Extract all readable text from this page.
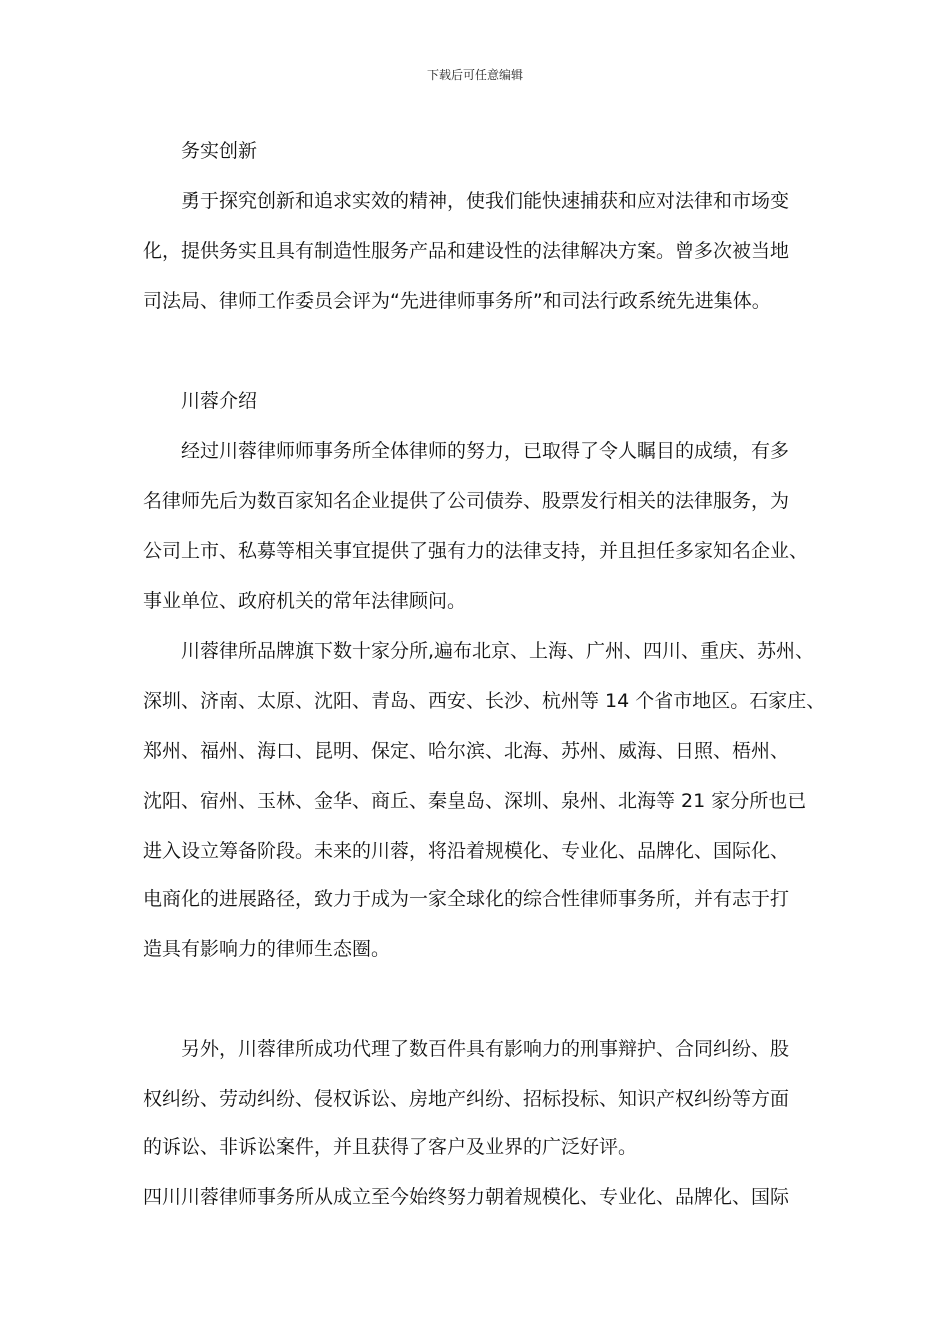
下载后可任意编辑
务实创新
勇于探究创新和追求实效的精神，使我们能快速捕获和应对法律和市场变
化，提供务实且具有制造性服务产品和建设性的法律解决方案。曾多次被当地
司法局、律师工作委员会评为“先进律师事务所”和司法行政系统先进集体。
川蓉介绍
经过川蓉律师师事务所全体律师的努力，已取得了令人瞩目的成绩，有多
名律师先后为数百家知名企业提供了公司债券、股票发行相关的法律服务，为
公司上市、私募等相关事宜提供了强有力的法律支持，并且担任多家知名企业、
事业单位、政府机关的常年法律顾问。
川蓉律所品牌旗下数十家分所,遍布北京、上海、广州、四川、重庆、苏州、
深圳、济南、太原、沈阳、青岛、西安、长沙、杭州等 14 个省市地区。石家庄、
郑州、福州、海口、昆明、保定、哈尔滨、北海、苏州、威海、日照、梧州、
沈阳、宿州、玉林、金华、商丘、秦皇岛、深圳、泉州、北海等 21 家分所也已
进入设立筹备阶段。未来的川蓉，将沿着规模化、专业化、品牌化、国际化、
电商化的进展路径，致力于成为一家全球化的综合性律师事务所，并有志于打
造具有影响力的律师生态圈。
另外，川蓉律所成功代理了数百件具有影响力的刑事辩护、合同纠纷、股
权纠纷、劳动纠纷、侵权诉讼、房地产纠纷、招标投标、知识产权纠纷等方面
的诉讼、非诉讼案件，并且获得了客户及业界的广泛好评。
四川川蓉律师事务所从成立至今始终努力朝着规模化、专业化、品牌化、国际
